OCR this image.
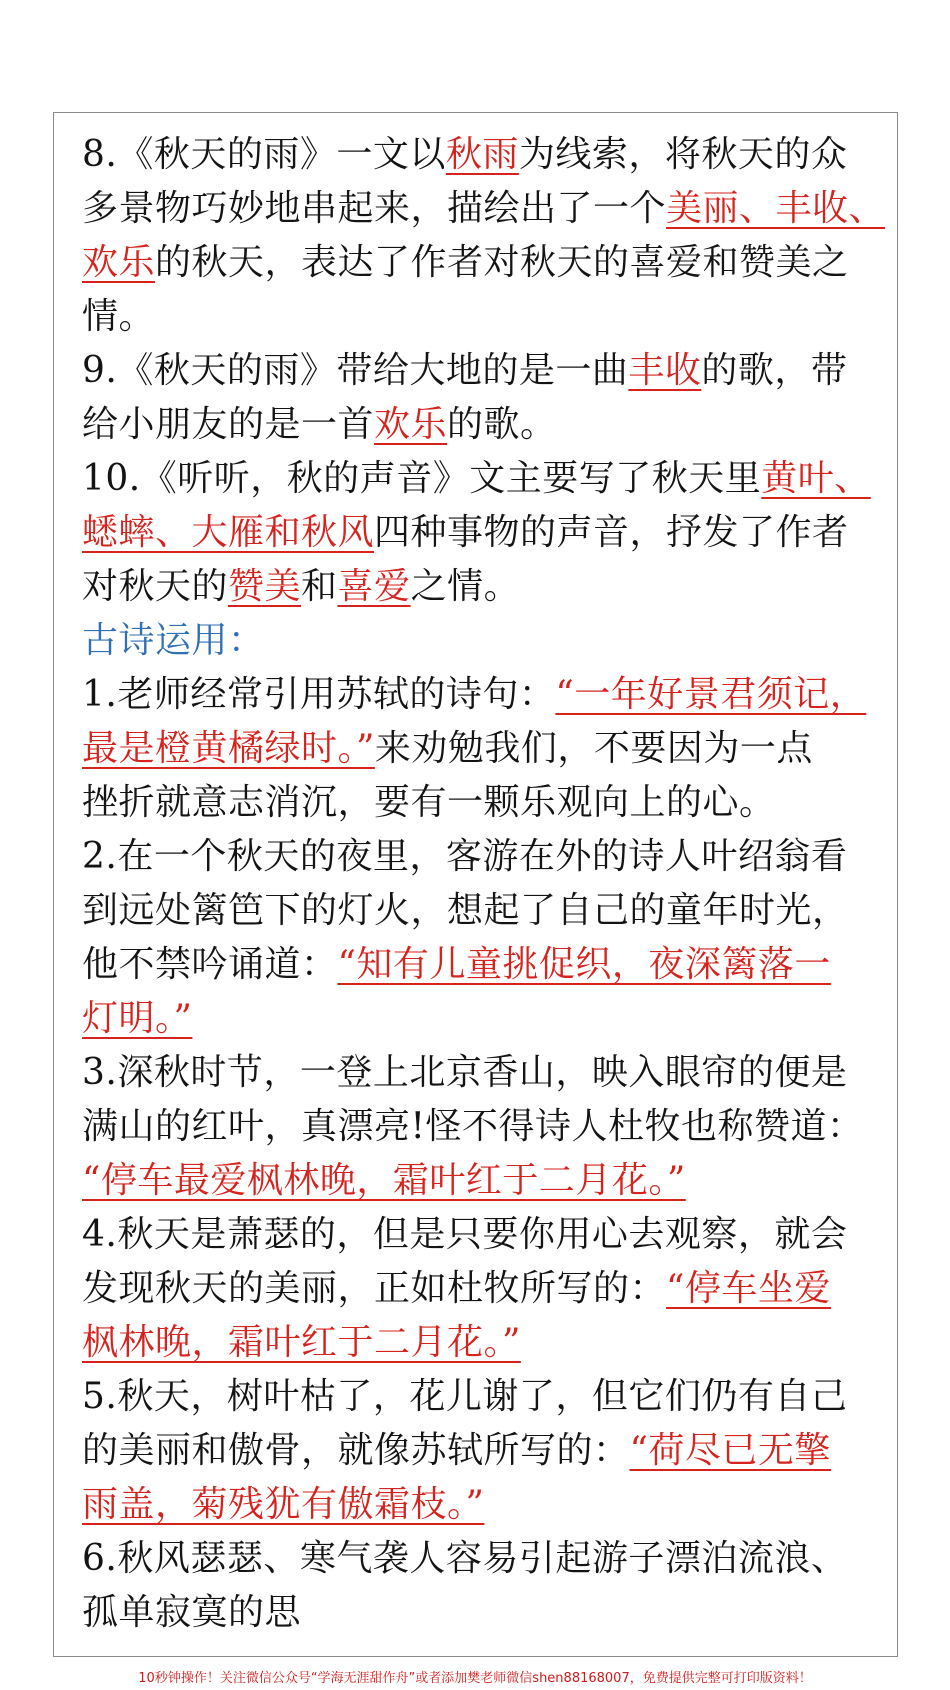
8.《秋天的雨》一文以秋雨为线索，将秋天的众
多景物巧妙地串起来，描绘出了一个美丽、丰收、
欢乐的秋天，表达了作者对秋天的喜爱和赞美之
情。
9.《秋天的雨》带给大地的是一曲丰收的歌，带
给小朋友的是一首欢乐的歌。
10.《听听，秋的声音》文主要写了秋天里黄叶、
蟋蟀、大雁和秋风四种事物的声音，抒发了作者
对秋天的赞美和喜爱之情。
古诗运用：
1.老师经常引用苏轼的诗句：“一年好景君须记，
最是橙黄橘绿时。”来劝勉我们，不要因为一点
挫折就意志消沉，要有一颗乐观向上的心。
2.在一个秋天的夜里，客游在外的诗人叶绍翁看
到远处篱笆下的灯火，想起了自己的童年时光，
他不禁吟诵道：“知有儿童挑促织，夜深篱落一
灯明。”
3.深秋时节，一登上北京香山，映入眼帘的便是
满山的红叶，真漂亮!怪不得诗人杜牧也称赞道：
“停车最爱枫林晚，霜叶红于二月花。”
4.秋天是萧瑟的，但是只要你用心去观察，就会
发现秋天的美丽，正如杜牧所写的：“停车坐爱
枫林晚，霜叶红于二月花。”
5.秋天，树叶枯了，花儿谢了，但它们仍有自己
的美丽和傲骨，就像苏轼所写的：“荷尽已无擎
雨盖，菊残犹有傲霜枝。”
6.秋风瑟瑟、寒气袭人容易引起游子漂泊流浪、
孤单寂寞的思
10秒钟操作！关注微信公众号“学海无涯甜作舟”或者添加樊老师微信shen88168007，免费提供完整可打印版资料！
